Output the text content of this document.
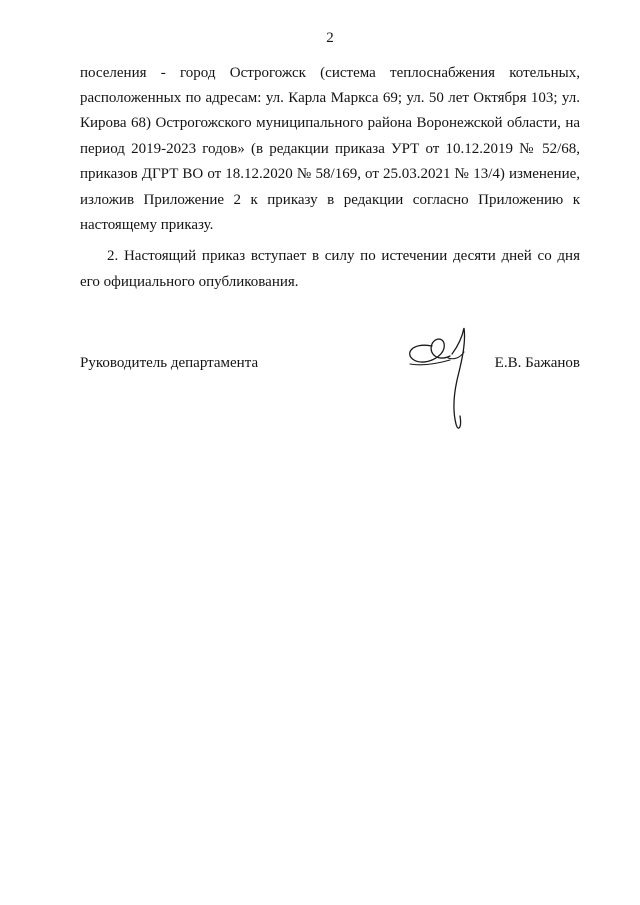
2
поселения - город Острогожск (система теплоснабжения котельных,
расположенных по адресам: ул. Карла Маркса 69; ул. 50 лет Октября 103; ул.
Кирова 68) Острогожского муниципального района Воронежской области, на
период 2019-2023 годов» (в редакции приказа УРТ от 10.12.2019 № 52/68,
приказов ДГРТ ВО от 18.12.2020 № 58/169, от 25.03.2021 № 13/4) изменение,
изложив Приложение 2 к приказу в редакции согласно Приложению к
настоящему приказу.
2. Настоящий приказ вступает в силу по истечении десяти дней со дня
его официального опубликования.
Руководитель департамента	Е.В. Бажанов
